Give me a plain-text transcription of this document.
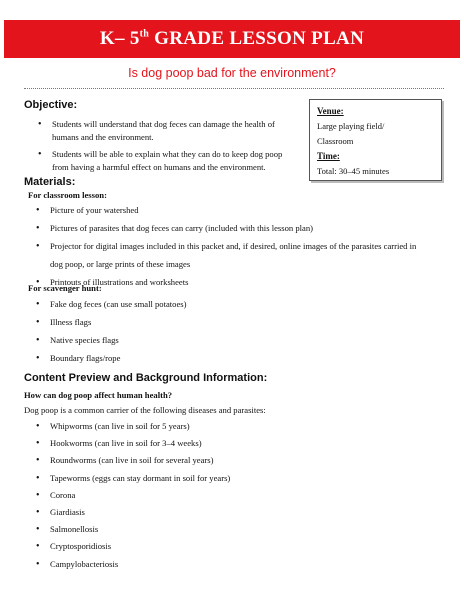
K– 5th GRADE LESSON PLAN
Is dog poop bad for the environment?
Objective:
• Students will understand that dog feces can damage the health of
humans and the environment.
• Students will be able to explain what they can do to keep dog poop
from having a harmful effect on humans and the environment.
Venue:
Large playing field/
Classroom
Time:
Total: 30–45 minutes
Materials:
For classroom lesson:
• Picture of your watershed
• Pictures of parasites that dog feces can carry (included with this lesson plan)
• Projector for digital images included in this packet and, if desired, online images of the parasites carried in
dog poop, or large prints of these images
• Printouts of illustrations and worksheets
For scavenger hunt:
• Fake dog feces (can use small potatoes)
• Illness flags
• Native species flags
• Boundary flags/rope
Content Preview and Background Information:
How can dog poop affect human health?
Dog poop is a common carrier of the following diseases and parasites:
• Whipworms (can live in soil for 5 years)
• Hookworms (can live in soil for 3–4 weeks)
• Roundworms (can live in soil for several years)
• Tapeworms (eggs can stay dormant in soil for years)
• Corona
• Giardiasis
• Salmonellosis
• Cryptosporidiosis
• Campylobacteriosis
